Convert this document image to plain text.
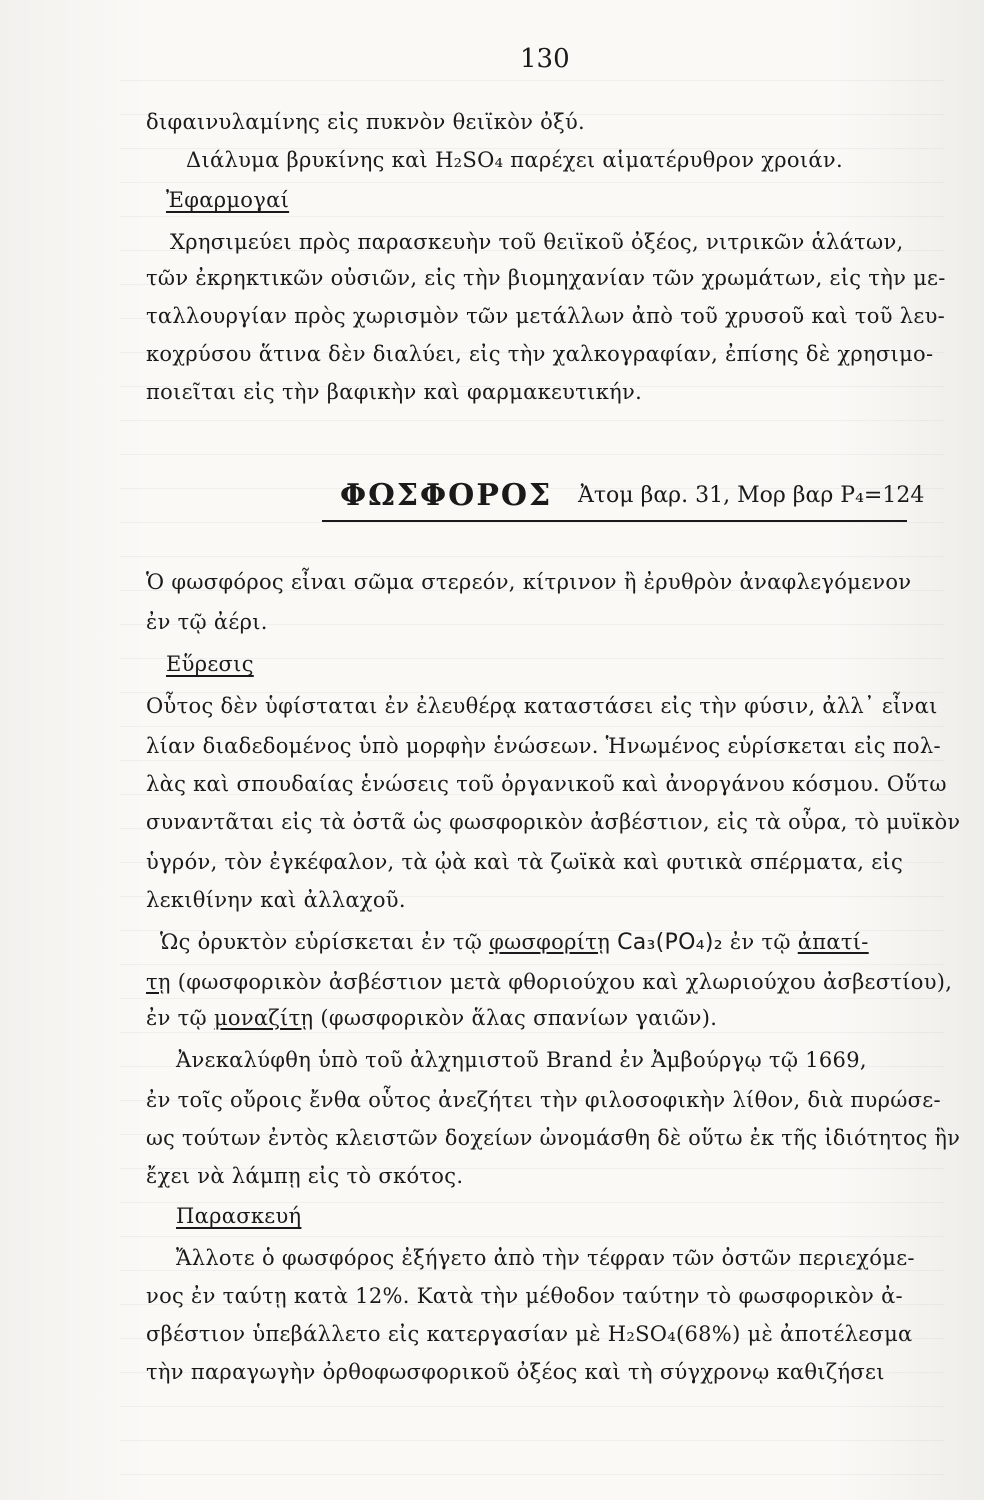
130
διφαινυλαμίνης εἰς πυκνὸν θειϊκὸν ὀξύ.
Διάλυμα βρυκίνης καὶ H₂SO₄ παρέχει αἱματέρυθρον χροιάν.
Ἐφαρμογαί
Χρησιμεύει πρὸς παρασκευὴν τοῦ θειϊκοῦ ὀξέος, νιτρικῶν ἁλάτων,
τῶν ἐκρηκτικῶν οὐσιῶν, εἰς τὴν βιομηχανίαν τῶν χρωμάτων, εἰς τὴν με-
ταλλουργίαν πρὸς χωρισμὸν τῶν μετάλλων ἀπὸ τοῦ χρυσοῦ καὶ τοῦ λευ-
κοχρύσου ἅτινα δὲν διαλύει, εἰς τὴν χαλκογραφίαν, ἐπίσης δὲ χρησιμο-
ποιεῖται εἰς τὴν βαφικὴν καὶ φαρμακευτικήν.
ΦΩΣΦΟΡΟΣ Ἀτομ βαρ. 31, Μορ βαρ P₄=124
Ὁ φωσφόρος εἶναι σῶμα στερεόν, κίτρινον ἢ ἐρυθρὸν ἀναφλεγόμενον
ἐν τῷ ἀέρι.
Εὕρεσις
Οὗτος δὲν ὑφίσταται ἐν ἐλευθέρᾳ καταστάσει εἰς τὴν φύσιν, ἀλλ᾽ εἶναι
λίαν διαδεδομένος ὑπὸ μορφὴν ἑνώσεων. Ἡνωμένος εὑρίσκεται εἰς πολ-
λὰς καὶ σπουδαίας ἑνώσεις τοῦ ὀργανικοῦ καὶ ἀνοργάνου κόσμου. Οὕτω
συναντᾶται εἰς τὰ ὀστᾶ ὡς φωσφορικὸν ἀσβέστιον, εἰς τὰ οὖρα, τὸ μυϊκὸν
ὑγρόν, τὸν ἐγκέφαλον, τὰ ᾠὰ καὶ τὰ ζωϊκὰ καὶ φυτικὰ σπέρματα, εἰς
λεκιθίνην καὶ ἀλλαχοῦ.
Ὡς ὀρυκτὸν εὑρίσκεται ἐν τῷ φωσφορίτῃ Ca₃(PO₄)₂ ἐν τῷ ἀπατί-
τῃ (φωσφορικὸν ἀσβέστιον μετὰ φθοριούχου καὶ χλωριούχου ἀσβεστίου),
ἐν τῷ μοναζίτῃ (φωσφορικὸν ἅλας σπανίων γαιῶν).
Ἀνεκαλύφθη ὑπὸ τοῦ ἀλχημιστοῦ Brand ἐν Ἀμβούργῳ τῷ 1669,
ἐν τοῖς οὔροις ἔνθα οὗτος ἀνεζήτει τὴν φιλοσοφικὴν λίθον, διὰ πυρώσε-
ως τούτων ἐντὸς κλειστῶν δοχείων ὠνομάσθη δὲ οὕτω ἐκ τῆς ἰδιότητος ἣν
ἔχει νὰ λάμπῃ εἰς τὸ σκότος.
Παρασκευή
Ἄλλοτε ὁ φωσφόρος ἐξήγετο ἀπὸ τὴν τέφραν τῶν ὀστῶν περιεχόμε-
νος ἐν ταύτῃ κατὰ 12%. Κατὰ τὴν μέθοδον ταύτην τὸ φωσφορικὸν ἀ-
σβέστιον ὑπεβάλλετο εἰς κατεργασίαν μὲ H₂SO₄(68%) μὲ ἀποτέλεσμα
τὴν παραγωγὴν ὀρθοφωσφορικοῦ ὀξέος καὶ τὴ σύγχρονῳ καθιζήσει
